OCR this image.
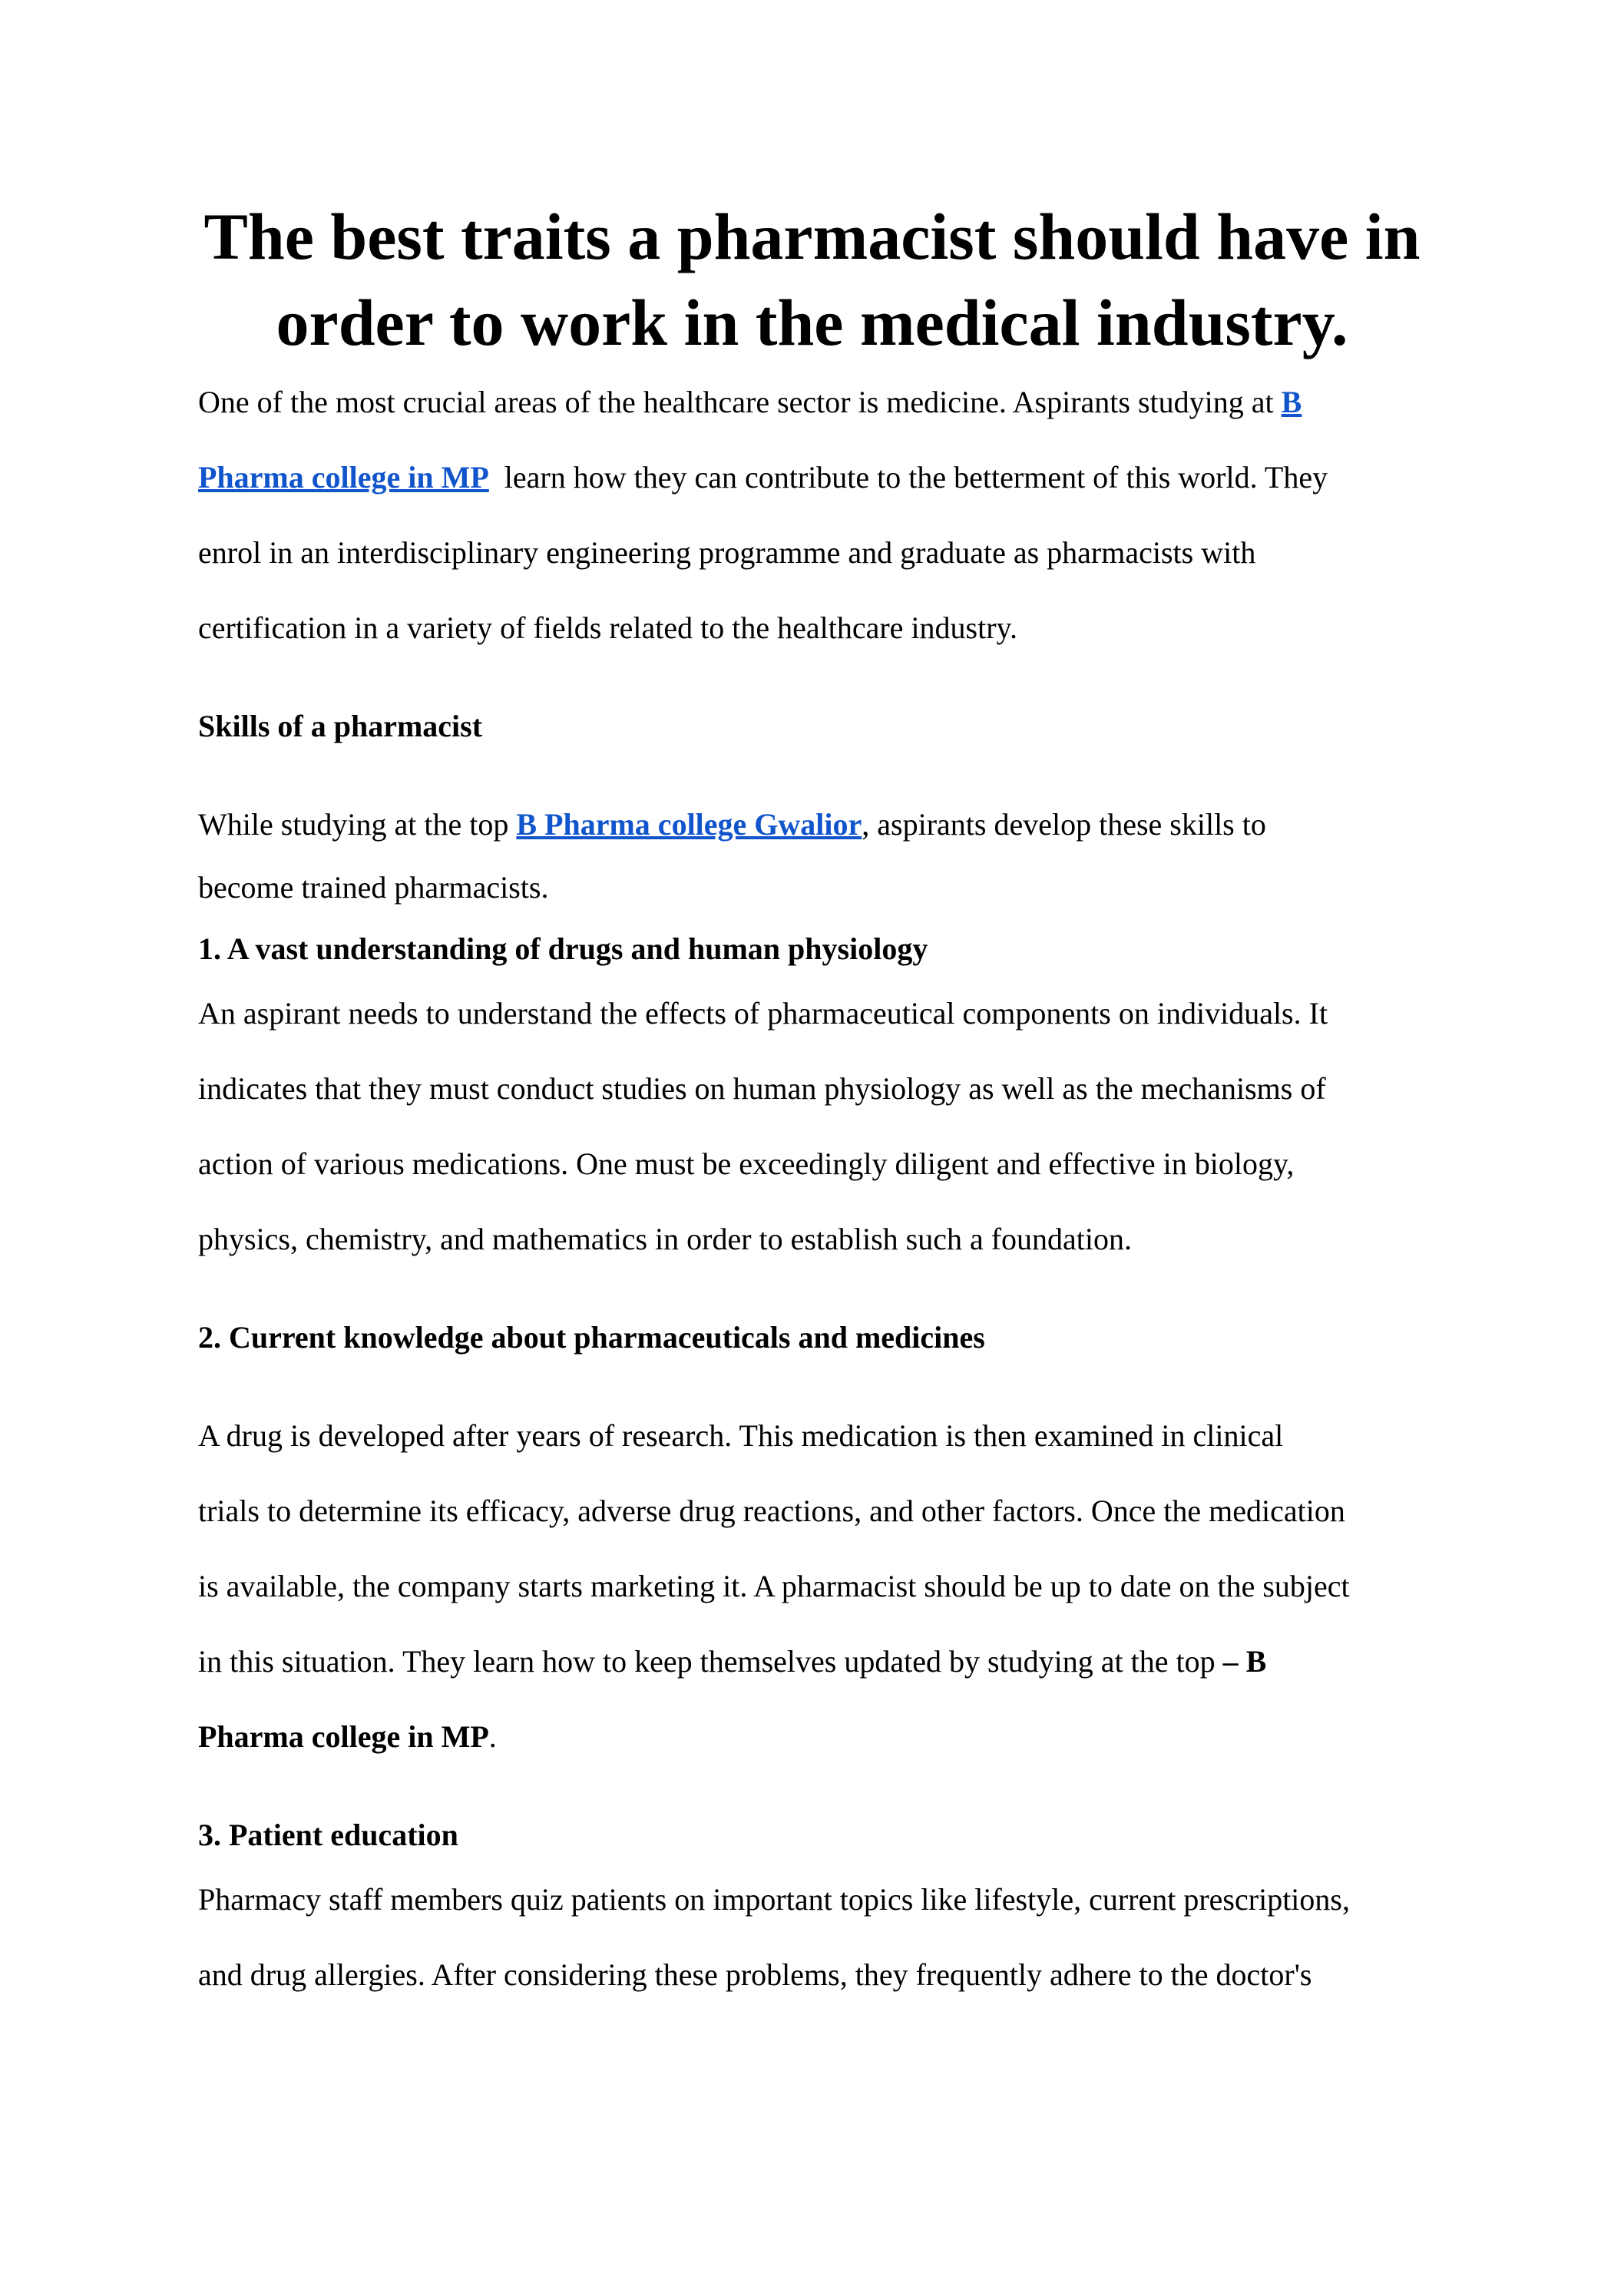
The best traits a pharmacist should have in order to work in the medical industry.

One of the most crucial areas of the healthcare sector is medicine. Aspirants studying at B

Pharma college in MP  learn how they can contribute to the betterment of this world. They

enrol in an interdisciplinary engineering programme and graduate as pharmacists with

certification in a variety of fields related to the healthcare industry.

Skills of a pharmacist

While studying at the top B Pharma college Gwalior, aspirants develop these skills to

become trained pharmacists.

1. A vast understanding of drugs and human physiology

An aspirant needs to understand the effects of pharmaceutical components on individuals. It

indicates that they must conduct studies on human physiology as well as the mechanisms of

action of various medications. One must be exceedingly diligent and effective in biology,

physics, chemistry, and mathematics in order to establish such a foundation.

2. Current knowledge about pharmaceuticals and medicines

A drug is developed after years of research. This medication is then examined in clinical

trials to determine its efficacy, adverse drug reactions, and other factors. Once the medication

is available, the company starts marketing it. A pharmacist should be up to date on the subject

in this situation. They learn how to keep themselves updated by studying at the top – B

Pharma college in MP.

3. Patient education

Pharmacy staff members quiz patients on important topics like lifestyle, current prescriptions,

and drug allergies. After considering these problems, they frequently adhere to the doctor's
